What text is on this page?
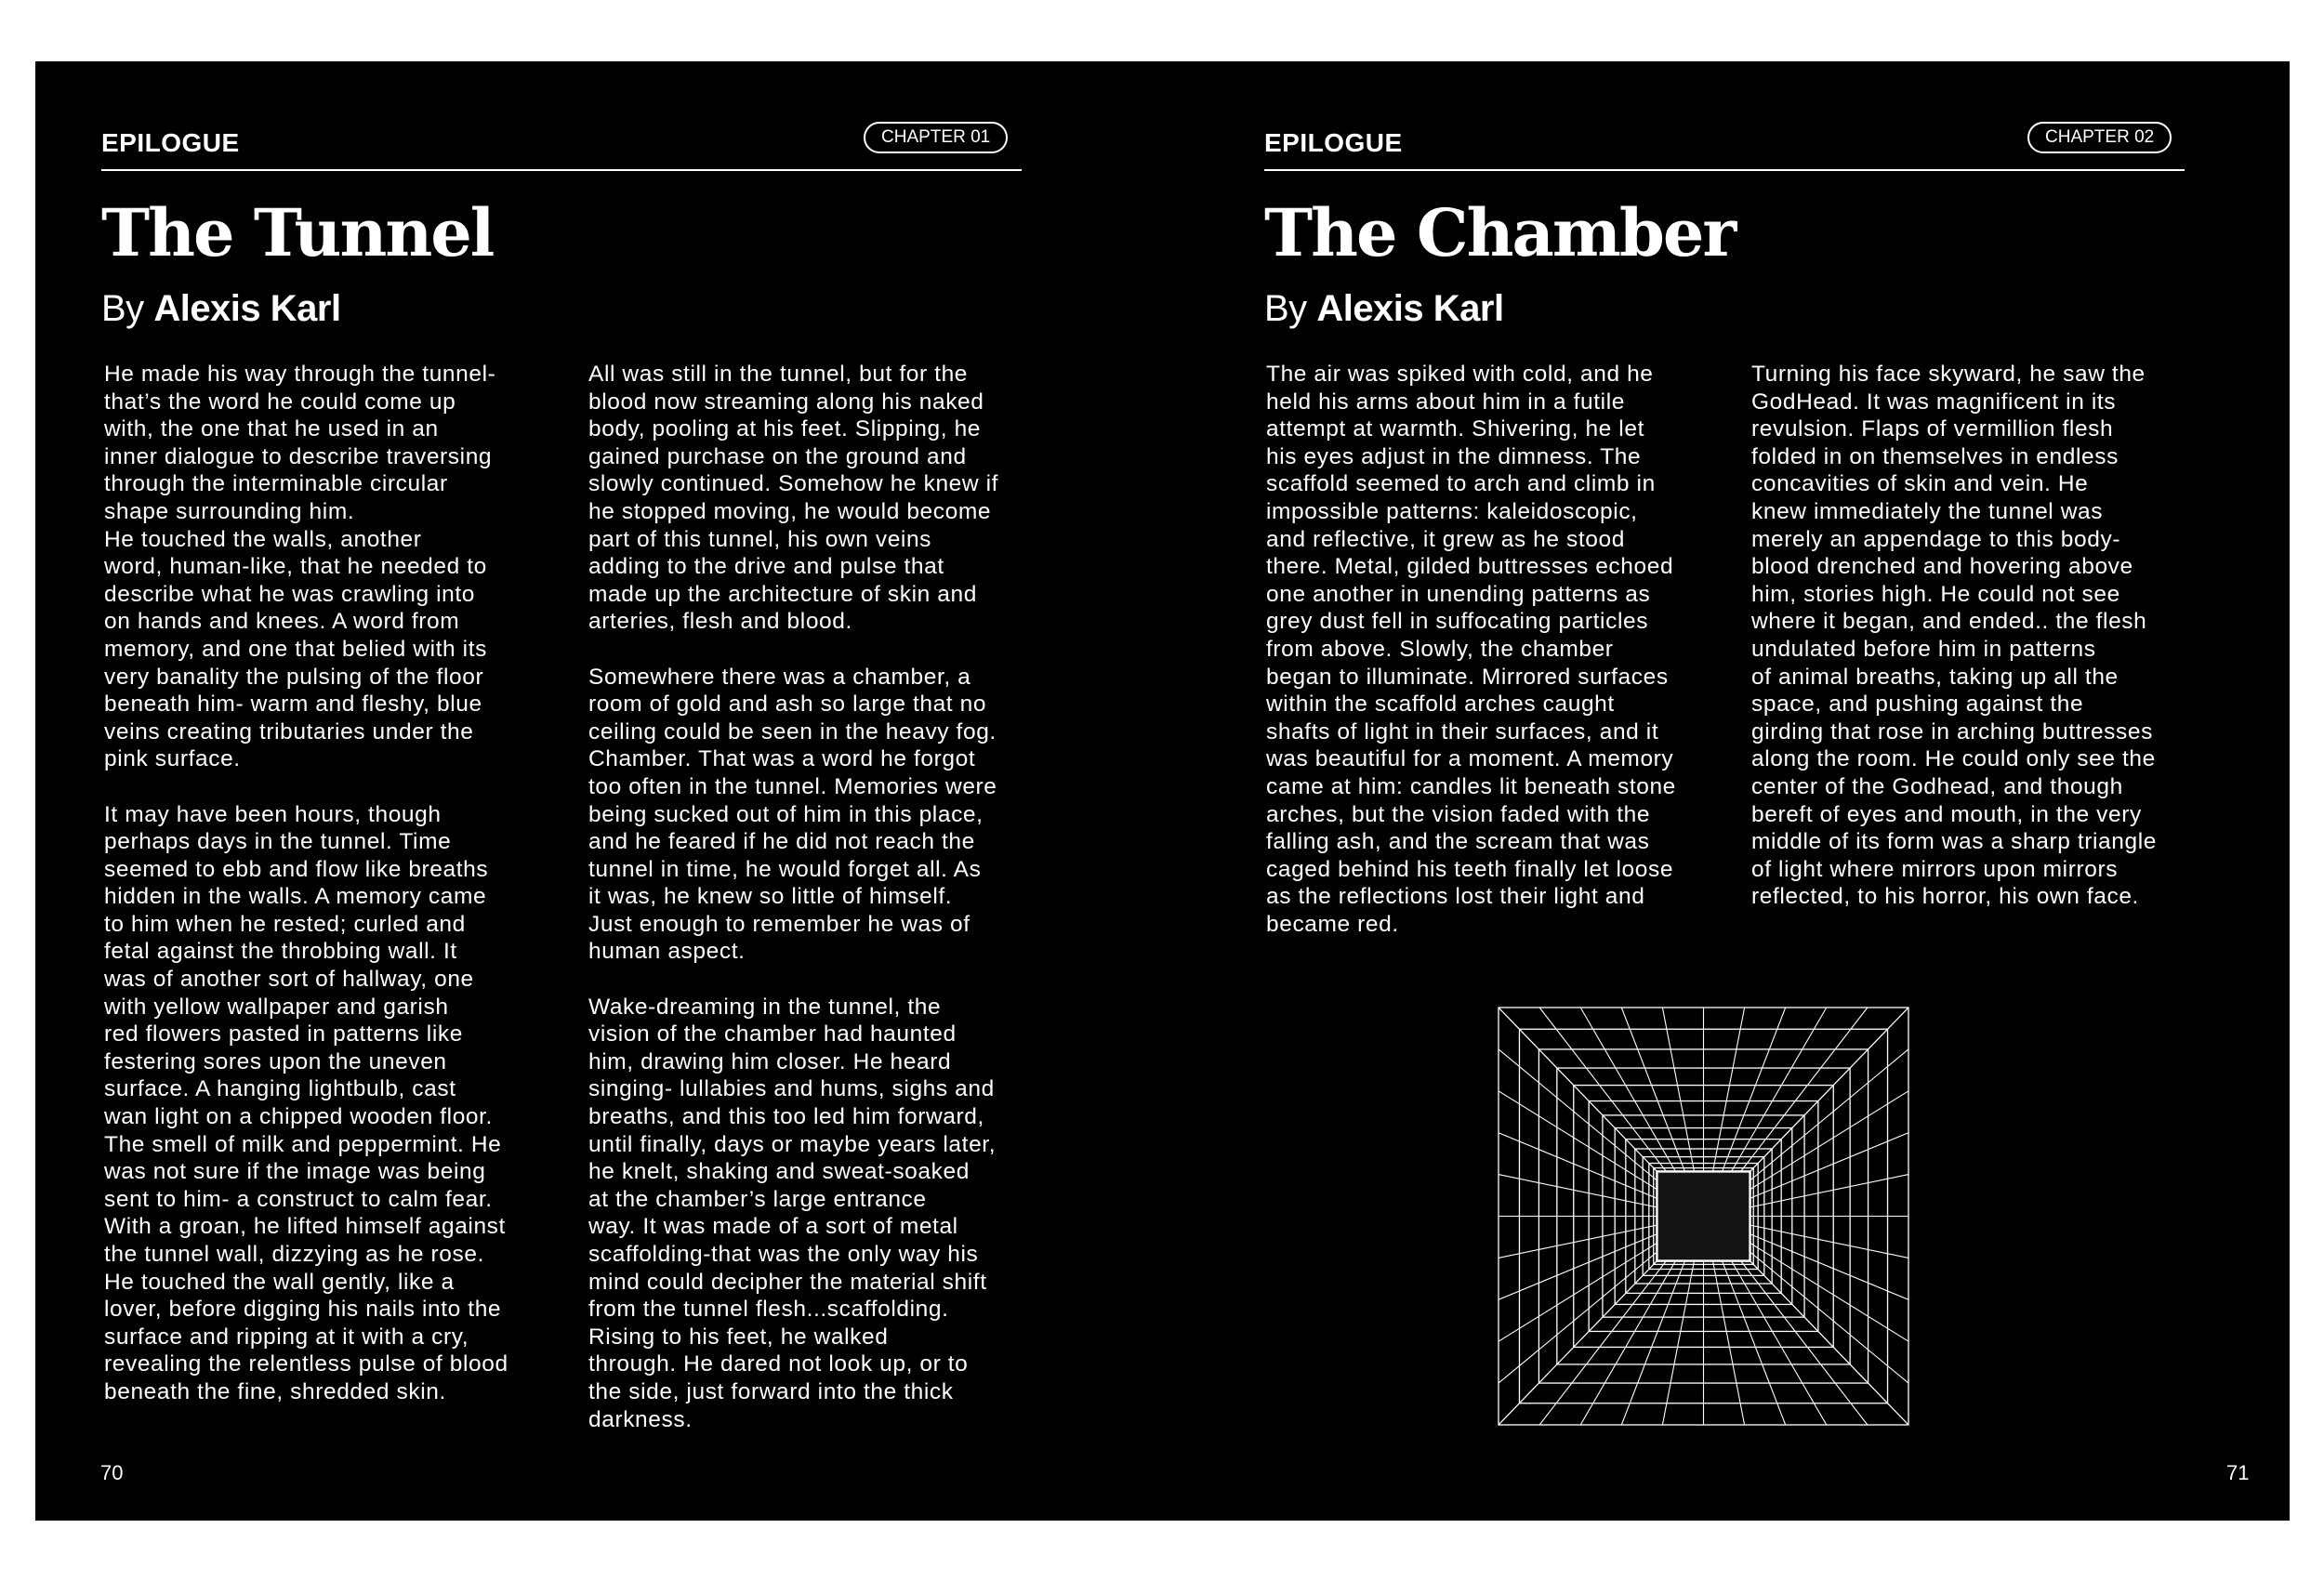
EPILOGUE	CHAPTER 01
The Tunnel
By Alexis Karl
He made his way through the tunnel-
that’s the word he could come up
with, the one that he used in an
inner dialogue to describe traversing
through the interminable circular
shape surrounding him.
He touched the walls, another
word, human-like, that he needed to
describe what he was crawling into
on hands and knees. A word from
memory, and one that belied with its
very banality the pulsing of the floor
beneath him- warm and fleshy, blue
veins creating tributaries under the
pink surface.

It may have been hours, though
perhaps days in the tunnel. Time
seemed to ebb and flow like breaths
hidden in the walls. A memory came
to him when he rested; curled and
fetal against the throbbing wall. It
was of another sort of hallway, one
with yellow wallpaper and garish
red flowers pasted in patterns like
festering sores upon the uneven
surface. A hanging lightbulb, cast
wan light on a chipped wooden floor.
The smell of milk and peppermint. He
was not sure if the image was being
sent to him- a construct to calm fear.
With a groan, he lifted himself against
the tunnel wall, dizzying as he rose.
He touched the wall gently, like a
lover, before digging his nails into the
surface and ripping at it with a cry,
revealing the relentless pulse of blood
beneath the fine, shredded skin.
All was still in the tunnel, but for the
blood now streaming along his naked
body, pooling at his feet. Slipping, he
gained purchase on the ground and
slowly continued. Somehow he knew if
he stopped moving, he would become
part of this tunnel, his own veins
adding to the drive and pulse that
made up the architecture of skin and
arteries, flesh and blood.

Somewhere there was a chamber, a
room of gold and ash so large that no
ceiling could be seen in the heavy fog.
Chamber. That was a word he forgot
too often in the tunnel. Memories were
being sucked out of him in this place,
and he feared if he did not reach the
tunnel in time, he would forget all. As
it was, he knew so little of himself.
Just enough to remember he was of
human aspect.

Wake-dreaming in the tunnel, the
vision of the chamber had haunted
him, drawing him closer. He heard
singing- lullabies and hums, sighs and
breaths, and this too led him forward,
until finally, days or maybe years later,
he knelt, shaking and sweat-soaked
at the chamber’s large entrance
way. It was made of a sort of metal
scaffolding-that was the only way his
mind could decipher the material shift
from the tunnel flesh...scaffolding.
Rising to his feet, he walked
through. He dared not look up, or to
the side, just forward into the thick
darkness.
70
EPILOGUE	CHAPTER 02
The Chamber
By Alexis Karl
The air was spiked with cold, and he
held his arms about him in a futile
attempt at warmth. Shivering, he let
his eyes adjust in the dimness. The
scaffold seemed to arch and climb in
impossible patterns: kaleidoscopic,
and reflective, it grew as he stood
there. Metal, gilded buttresses echoed
one another in unending patterns as
grey dust fell in suffocating particles
from above. Slowly, the chamber
began to illuminate. Mirrored surfaces
within the scaffold arches caught
shafts of light in their surfaces, and it
was beautiful for a moment. A memory
came at him: candles lit beneath stone
arches, but the vision faded with the
falling ash, and the scream that was
caged behind his teeth finally let loose
as the reflections lost their light and
became red.
Turning his face skyward, he saw the
GodHead. It was magnificent in its
revulsion. Flaps of vermillion flesh
folded in on themselves in endless
concavities of skin and vein. He
knew immediately the tunnel was
merely an appendage to this body-
blood drenched and hovering above
him, stories high. He could not see
where it began, and ended.. the flesh
undulated before him in patterns
of animal breaths, taking up all the
space, and pushing against the
girding that rose in arching buttresses
along the room. He could only see the
center of the Godhead, and though
bereft of eyes and mouth, in the very
middle of its form was a sharp triangle
of light where mirrors upon mirrors
reflected, to his horror, his own face.
71
